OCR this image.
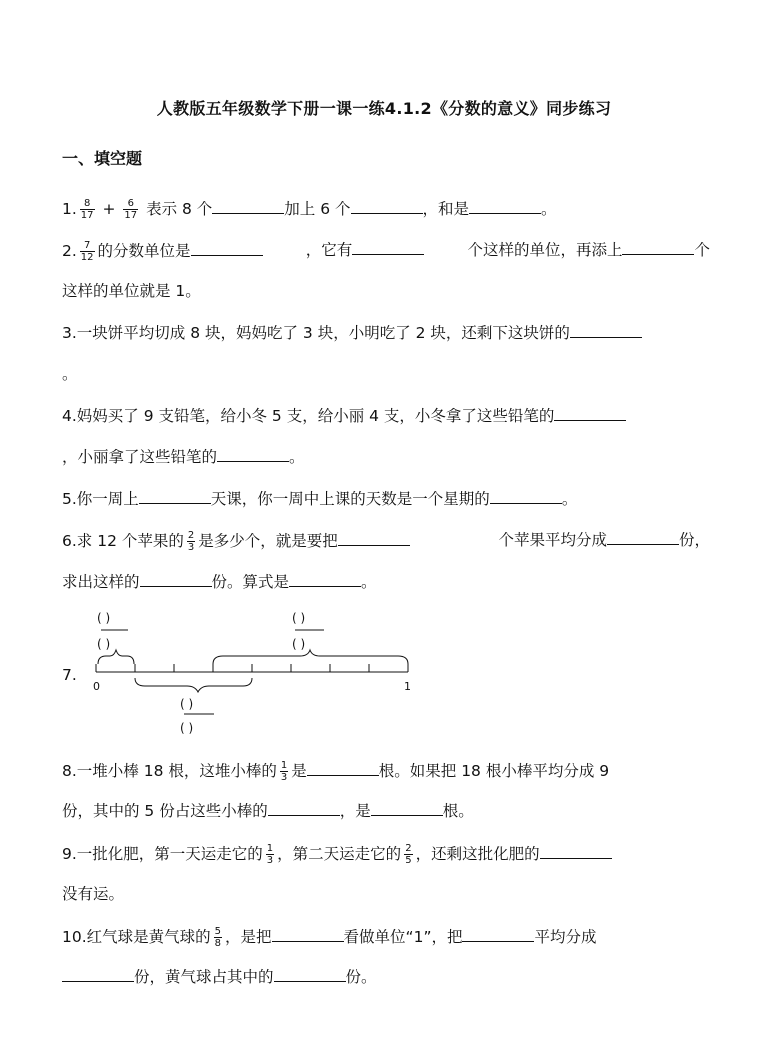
人教版五年级数学下册一课一练4.1.2《分数的意义》同步练习
一、填空题
1. $\frac{8}{17} + \frac{6}{17}$ 表示 8 个	加上 6 个	，和是	。
2. $\frac{7}{12}$ 的分数单位是	，它有	个这样的单位，再添上	个
这样的单位就是 1。
3.一块饼平均切成 8 块，妈妈吃了 3 块，小明吃了 2 块，还剩下这块饼的
。
4.妈妈买了 9 支铅笔，给小冬 5 支，给小丽 4 支，小冬拿了这些铅笔的
，小丽拿了这些铅笔的	。
5.你一周上	天课，你一周中上课的天数是一个星期的	。
6.求 12 个苹果的 $\frac{2}{3}$ 是多少个，就是要把	个苹果平均分成	份，
求出这样的	份。算式是	。
7.
( )
( )
( )
( )
( )
( )
0	1
8.一堆小棒 18 根，这堆小棒的 $\frac{1}{3}$ 是	根。如果把 18 根小棒平均分成 9
份，其中的 5 份占这些小棒的	，是	根。
9.一批化肥，第一天运走它的 $\frac{1}{3}$ ，第二天运走它的 $\frac{2}{5}$ ，还剩这批化肥的
没有运。
10.红气球是黄气球的 $\frac{5}{8}$ ，是把	看做单位“1”，把	平均分成
份，黄气球占其中的	份。
